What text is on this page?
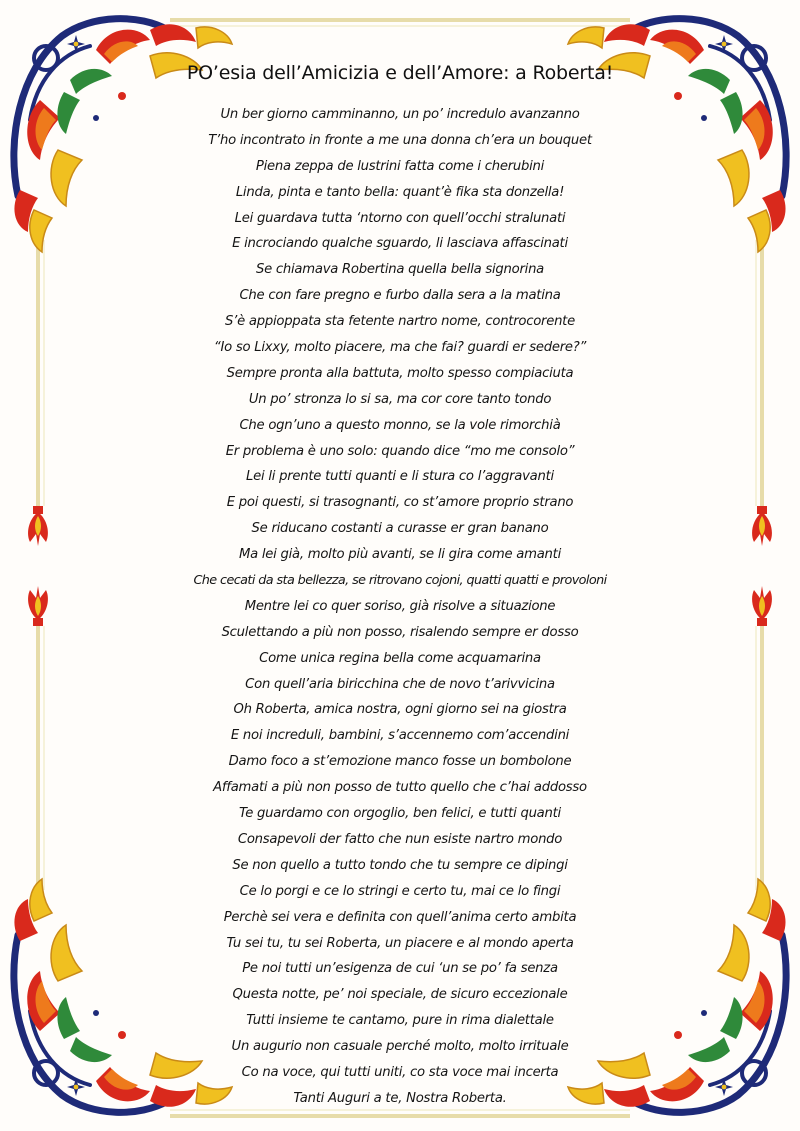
PO’esia dell’Amicizia e dell’Amore: a Roberta!
Un ber giorno camminanno, un po’ incredulo avanzanno
T’ho incontrato in fronte a me una donna ch’era un bouquet
Piena zeppa de lustrini fatta come i cherubini
Linda, pinta e tanto bella: quant’è fika sta donzella!
Lei guardava tutta ‘ntorno con quell’occhi stralunati
E incrociando qualche sguardo, li lasciava affascinati
Se chiamava Robertina quella bella signorina
Che con fare pregno e furbo dalla sera a la matina
S’è appioppata sta fetente nartro nome, controcorente
“Io so Lixxy, molto piacere, ma che fai? guardi er sedere?”
Sempre pronta alla battuta, molto spesso compiaciuta
Un po’ stronza lo si sa, ma cor core tanto tondo
Che ogn’uno a questo monno, se la vole rimorchià
Er problema è uno solo: quando dice “mo me consolo”
Lei li prente tutti quanti e li stura co l’aggravanti
E poi questi, si trasognanti, co st’amore proprio strano
Se riducano costanti a curasse er gran banano
Ma lei già, molto più avanti, se li gira come amanti
Che cecati da sta bellezza, se ritrovano cojoni, quatti quatti e provoloni
Mentre lei co quer soriso, già risolve a situazione
Sculettando a più non posso, risalendo sempre er dosso
Come unica regina bella come acquamarina
Con quell’aria biricchina che de novo t’arivvicina
Oh Roberta, amica nostra, ogni giorno sei na giostra
E noi increduli, bambini, s’accennemo com’accendini
Damo foco a st’emozione manco fosse un bombolone
Affamati a più non posso de tutto quello che c’hai addosso
Te guardamo con orgoglio, ben felici, e tutti quanti
Consapevoli der fatto che nun esiste nartro mondo
Se non quello a tutto tondo che tu sempre ce dipingi
Ce lo porgi e ce lo stringi e certo tu, mai ce lo fingi
Perchè sei vera e definita con quell’anima certo ambita
Tu sei tu, tu sei Roberta, un piacere e al mondo aperta
Pe noi tutti un’esigenza de cui ‘un se po’ fa senza
Questa notte, pe’ noi speciale, de sicuro eccezionale
Tutti insieme te cantamo, pure in rima dialettale
Un augurio non casuale perché molto, molto irrituale
Co na voce, qui tutti uniti, co sta voce mai incerta
Tanti Auguri a te, Nostra Roberta.
